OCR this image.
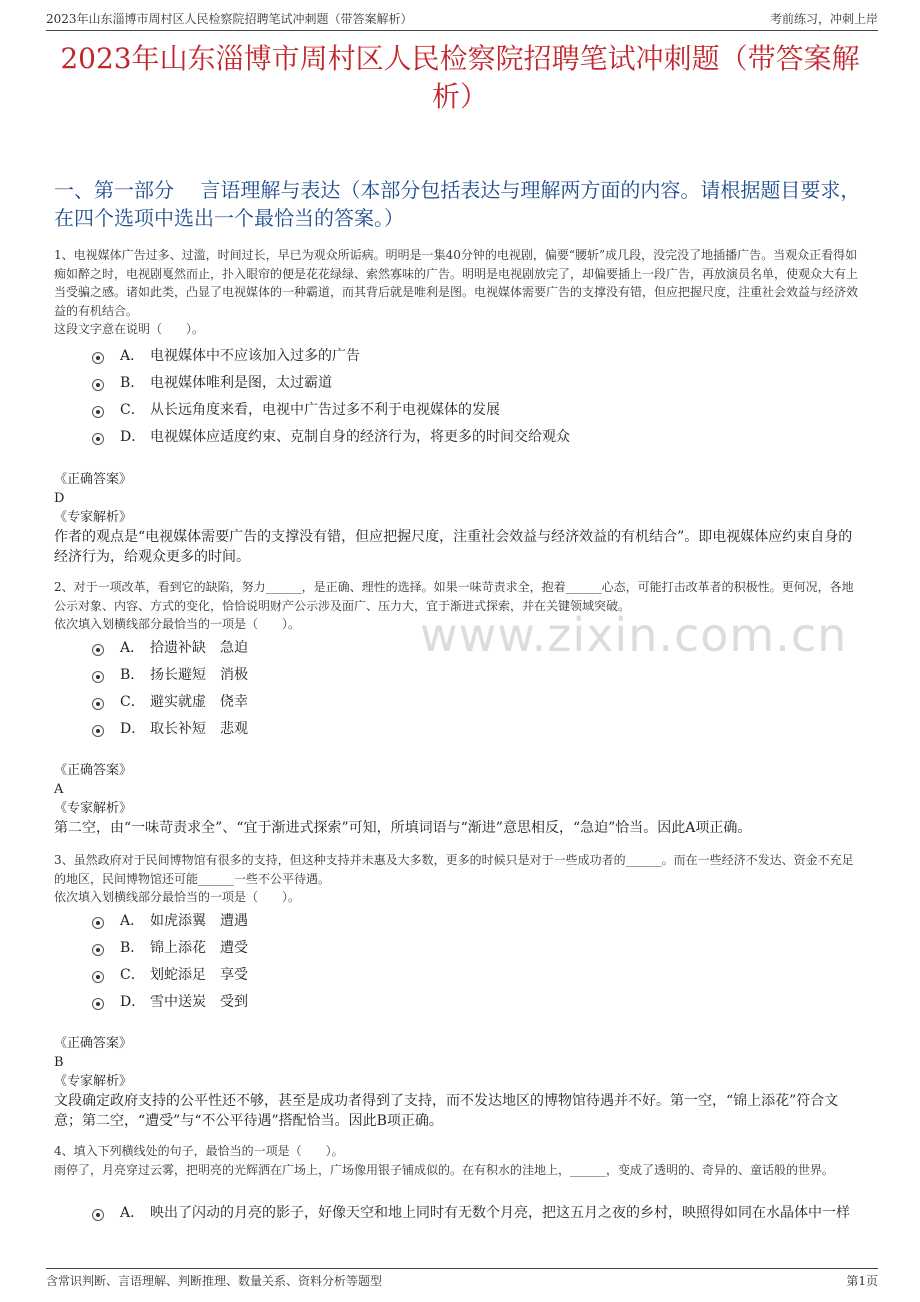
2023年山东淄博市周村区人民检察院招聘笔试冲刺题（带答案解析）	考前练习，冲刺上岸
2023年山东淄博市周村区人民检察院招聘笔试冲刺题（带答案解析）
一、第一部分　 言语理解与表达（本部分包括表达与理解两方面的内容。请根据题目要求，在四个选项中选出一个最恰当的答案。）
www.zixin.com.cn
1、电视媒体广告过多、过滥，时间过长，早已为观众所诟病。明明是一集40分钟的电视剧，偏要“腰斩”成几段，没完没了地插播广告。当观众正看得如痴如醉之时，电视剧戛然而止，扑入眼帘的便是花花绿绿、索然寡味的广告。明明是电视剧放完了，却偏要插上一段广告，再放演员名单，使观众大有上当受骗之感。诸如此类，凸显了电视媒体的一种霸道，而其背后就是唯利是图。电视媒体需要广告的支撑没有错，但应把握尺度，注重社会效益与经济效益的有机结合。
这段文字意在说明（　　）。
A． 电视媒体中不应该加入过多的广告
B． 电视媒体唯利是图，太过霸道
C． 从长远角度来看，电视中广告过多不利于电视媒体的发展
D． 电视媒体应适度约束、克制自身的经济行为，将更多的时间交给观众
《正确答案》
D
《专家解析》
作者的观点是“电视媒体需要广告的支撑没有错，但应把握尺度，注重社会效益与经济效益的有机结合”。即电视媒体应约束自身的经济行为，给观众更多的时间。
2、对于一项改革，看到它的缺陷，努力______，是正确、理性的选择。如果一味苛责求全，抱着______心态，可能打击改革者的积极性。更何况，各地公示对象、内容、方式的变化，恰恰说明财产公示涉及面广、压力大，宜于渐进式探索，并在关键领域突破。
依次填入划横线部分最恰当的一项是（　　）。
A． 拾遗补缺　急迫
B． 扬长避短　消极
C． 避实就虚　侥幸
D． 取长补短　悲观
《正确答案》
A
《专家解析》
第二空，由“一味苛责求全”、“宜于渐进式探索”可知，所填词语与“渐进”意思相反，“急迫”恰当。因此A项正确。
3、虽然政府对于民间博物馆有很多的支持，但这种支持并未惠及大多数，更多的时候只是对于一些成功者的______。而在一些经济不发达、资金不充足的地区，民间博物馆还可能______一些不公平待遇。
依次填入划横线部分最恰当的一项是（　　）。
A． 如虎添翼　遭遇
B． 锦上添花　遭受
C． 划蛇添足　享受
D． 雪中送炭　受到
《正确答案》
B
《专家解析》
文段确定政府支持的公平性还不够，甚至是成功者得到了支持，而不发达地区的博物馆待遇并不好。第一空，“锦上添花”符合文意；第二空，“遭受”与“不公平待遇”搭配恰当。因此B项正确。
4、填入下列横线处的句子，最恰当的一项是（　　）。
雨停了，月亮穿过云雾，把明亮的光辉洒在广场上，广场像用银子铺成似的。在有积水的洼地上，______，变成了透明的、奇异的、童话般的世界。
A． 映出了闪动的月亮的影子，好像天空和地上同时有无数个月亮，把这五月之夜的乡村，映照得如同在水晶体中一样
含常识判断、言语理解、判断推理、数量关系、资料分析等题型	第1页
